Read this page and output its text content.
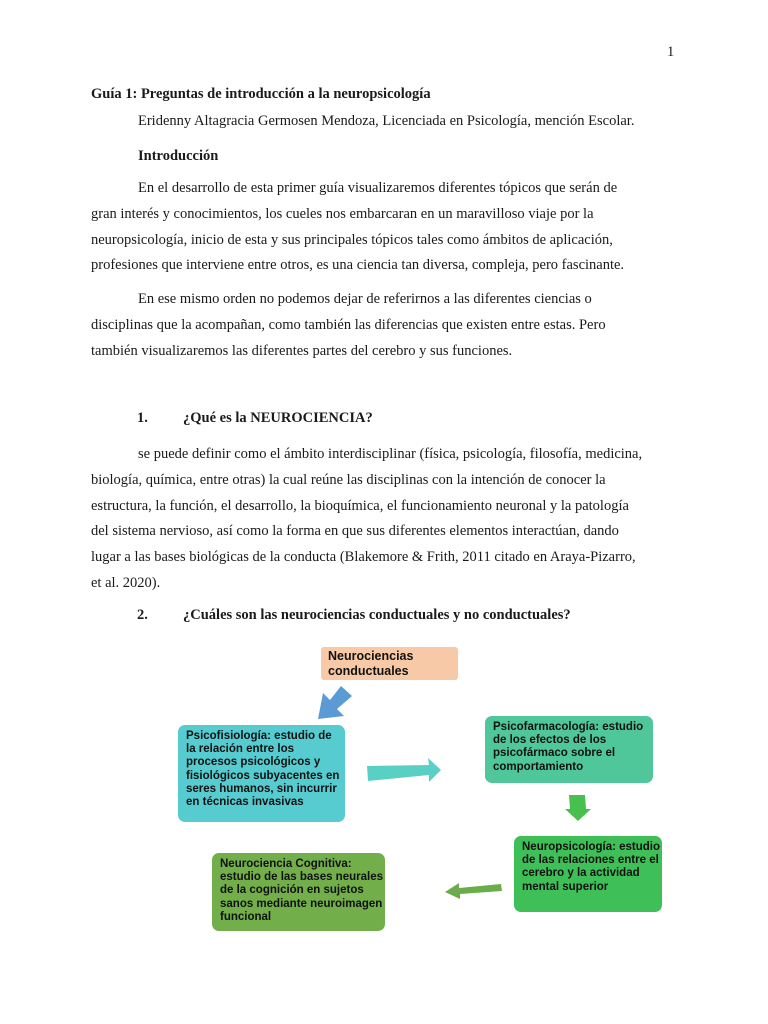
1
Guía 1: Preguntas de introducción a la neuropsicología
Eridenny Altagracia Germosen Mendoza, Licenciada en Psicología, mención Escolar.
Introducción
En el desarrollo de esta primer guía visualizaremos diferentes tópicos que serán de
gran interés y conocimientos, los cueles nos embarcaran en un maravilloso viaje por la
neuropsicología, inicio de esta y sus principales tópicos tales como ámbitos de aplicación,
profesiones que interviene entre otros, es una ciencia tan diversa, compleja, pero fascinante.
En ese mismo orden no podemos dejar de referirnos a las diferentes ciencias o
disciplinas que la acompañan, como también las diferencias que existen entre estas. Pero
también visualizaremos las diferentes partes del cerebro y sus funciones.
1. ¿Qué es la NEUROCIENCIA?
se puede definir como el ámbito interdisciplinar (física, psicología, filosofía, medicina,
biología, química, entre otras) la cual reúne las disciplinas con la intención de conocer la
estructura, la función, el desarrollo, la bioquímica, el funcionamiento neuronal y la patología
del sistema nervioso, así como la forma en que sus diferentes elementos interactúan, dando
lugar a las bases biológicas de la conducta (Blakemore & Frith, 2011 citado en Araya-Pizarro,
et al. 2020).
2. ¿Cuáles son las neurociencias conductuales y no conductuales?
Neurociencias
conductuales
Psicofisiología: estudio de
la relación entre los
procesos psicológicos y
fisiológicos subyacentes en
seres humanos, sin incurrir
en técnicas invasivas
Psicofarmacología: estudio
de los efectos de los
psicofármaco sobre el
comportamiento
Neuropsicología: estudio
de las relaciones entre el
cerebro y la actividad
mental superior
Neurociencia Cognitiva:
estudio de las bases neurales
de la cognición en sujetos
sanos mediante neuroimagen
funcional
